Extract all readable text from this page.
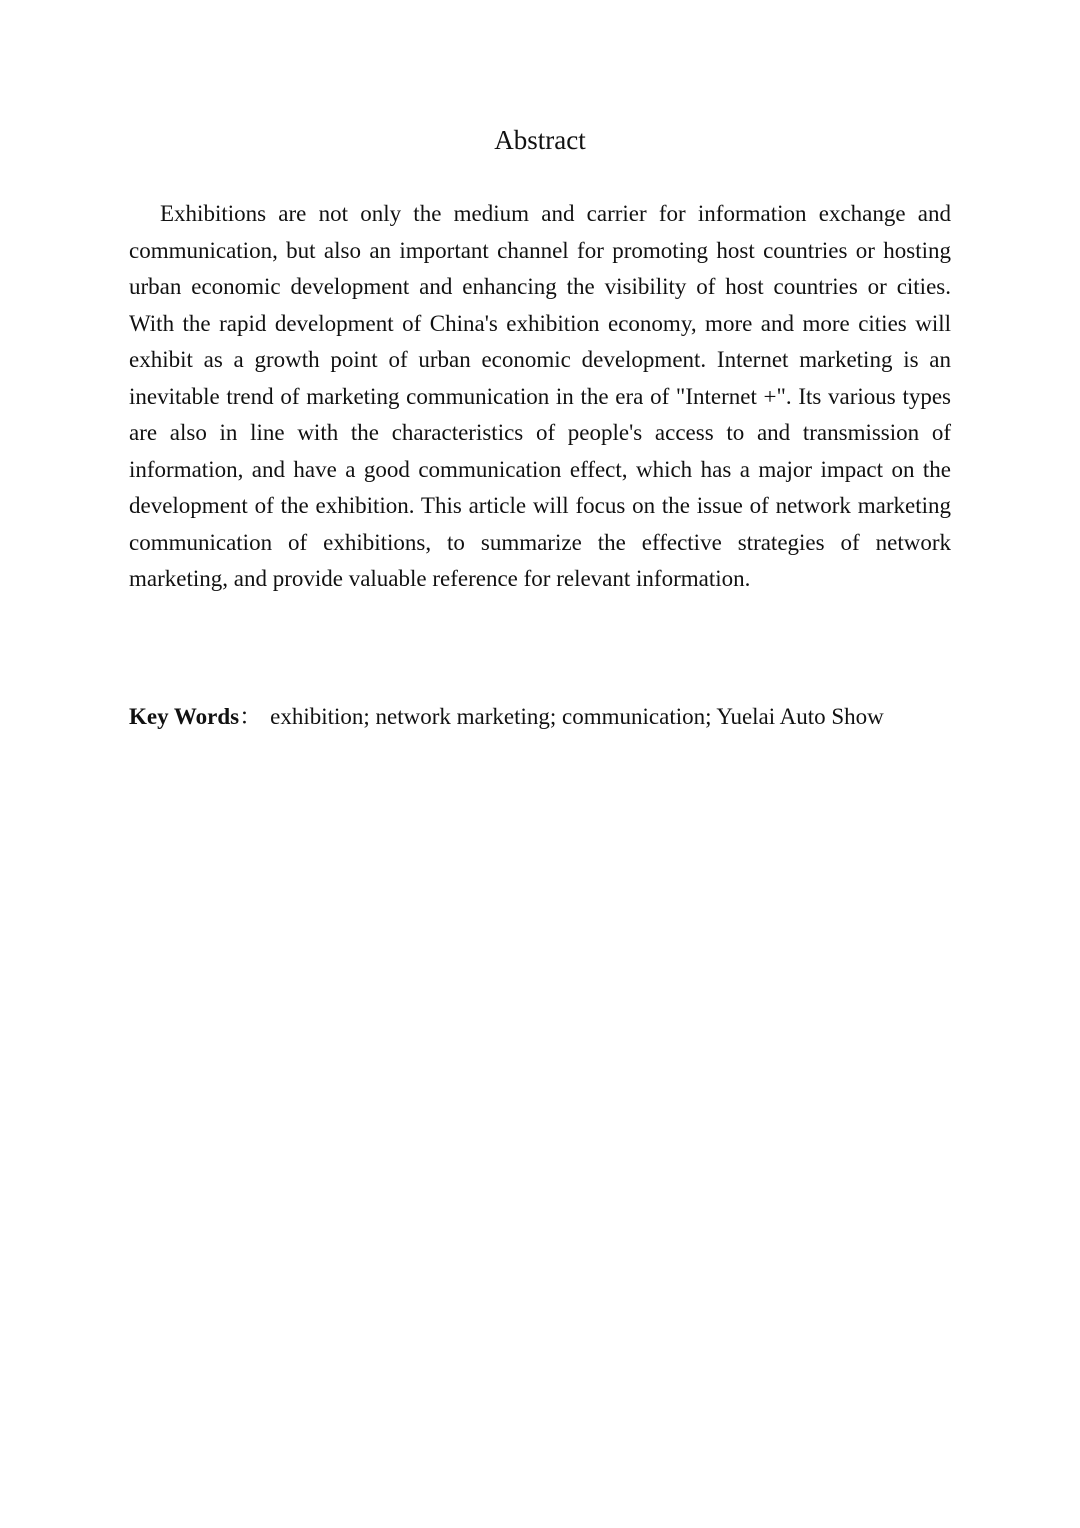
Abstract

Exhibitions are not only the medium and carrier for information exchange and communication, but also an important channel for promoting host countries or hosting urban economic development and enhancing the visibility of host countries or cities. With the rapid development of China's exhibition economy, more and more cities will exhibit as a growth point of urban economic development. Internet marketing is an inevitable trend of marketing communication in the era of "Internet +". Its various types are also in line with the characteristics of people's access to and transmission of information, and have a good communication effect, which has a major impact on the development of the exhibition. This article will focus on the issue of network marketing communication of exhibitions, to summarize the effective strategies of network marketing, and provide valuable reference for relevant information.

Key Words： exhibition; network marketing; communication; Yuelai Auto Show
